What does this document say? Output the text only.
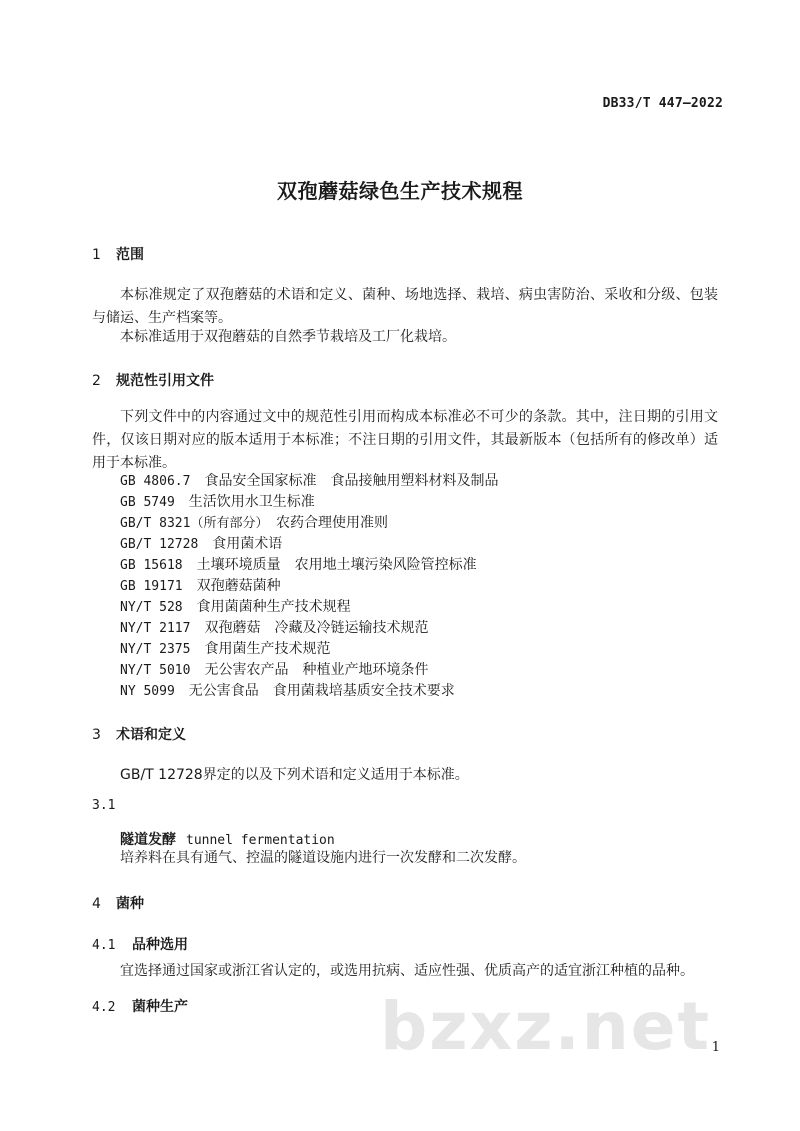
DB33/T 447—2022
双孢蘑菇绿色生产技术规程
1 范围
本标准规定了双孢蘑菇的术语和定义、菌种、场地选择、栽培、病虫害防治、采收和分级、包装与储运、生产档案等。
本标准适用于双孢蘑菇的自然季节栽培及工厂化栽培。
2 规范性引用文件
下列文件中的内容通过文中的规范性引用而构成本标准必不可少的条款。其中，注日期的引用文件，仅该日期对应的版本适用于本标准；不注日期的引用文件，其最新版本（包括所有的修改单）适用于本标准。
GB 4806.7　 食品安全国家标准　食品接触用塑料材料及制品
GB 5749　 生活饮用水卫生标准
GB/T 8321（所有部分）　 农药合理使用准则
GB/T 12728　 食用菌术语
GB 15618　 土壤环境质量　农用地土壤污染风险管控标准
GB 19171　 双孢蘑菇菌种
NY/T 528　 食用菌菌种生产技术规程
NY/T 2117　 双孢蘑菇　冷藏及冷链运输技术规范
NY/T 2375　 食用菌生产技术规范
NY/T 5010　 无公害农产品　种植业产地环境条件
NY 5099　 无公害食品　食用菌栽培基质安全技术要求
3 术语和定义
GB/T 12728界定的以及下列术语和定义适用于本标准。
3.1
隧道发酵 tunnel fermentation
培养料在具有通气、控温的隧道设施内进行一次发酵和二次发酵。
4 菌种
4.1 品种选用
宜选择通过国家或浙江省认定的，或选用抗病、适应性强、优质高产的适宜浙江种植的品种。
4.2 菌种生产	bzxz.net 1
